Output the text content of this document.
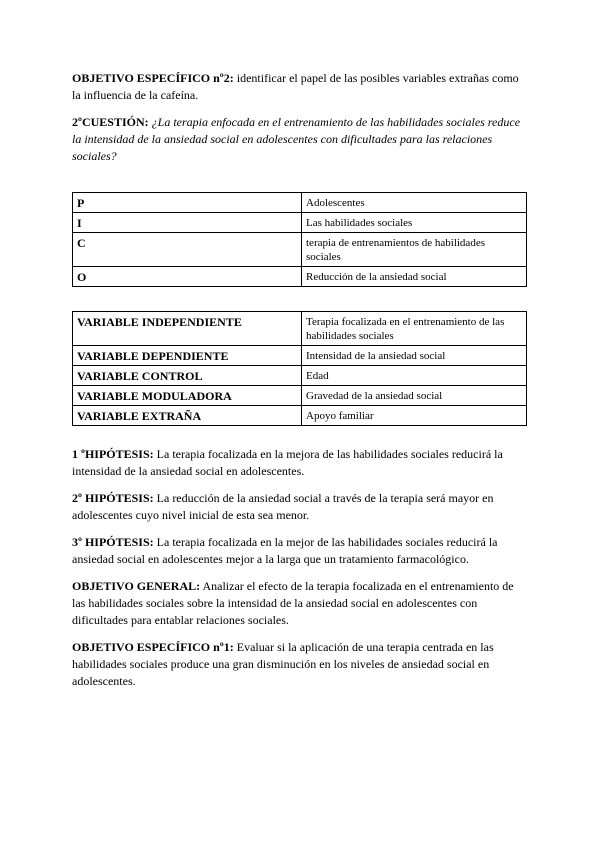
OBJETIVO ESPECÍFICO nº2: identificar el papel de las posibles variables extrañas como la influencia de la cafeína.

2ºCUESTIÓN: ¿La terapia enfocada en el entrenamiento de las habilidades sociales reduce la intensidad de la ansiedad social en adolescentes con dificultades para las relaciones sociales?

P	Adolescentes
I	Las habilidades sociales
C	terapia de entrenamientos de habilidades sociales
O	Reducción de la ansiedad social
VARIABLE INDEPENDIENTE	Terapia focalizada en el entrenamiento de las habilidades sociales
VARIABLE DEPENDIENTE	Intensidad de la ansiedad social
VARIABLE CONTROL	Edad
VARIABLE MODULADORA	Gravedad de la ansiedad social
VARIABLE EXTRAÑA	Apoyo familiar

1 ºHIPÓTESIS: La terapia focalizada en la mejora de las habilidades sociales reducirá la intensidad de la ansiedad social en adolescentes.

2º HIPÓTESIS: La reducción de la ansiedad social a través de la terapia será mayor en adolescentes cuyo nivel inicial de esta sea menor.

3º HIPÓTESIS: La terapia focalizada en la mejor de las habilidades sociales reducirá la ansiedad social en adolescentes mejor a la larga que un tratamiento farmacológico.

OBJETIVO GENERAL: Analizar el efecto de la terapia focalizada en el entrenamiento de las habilidades sociales sobre la intensidad de la ansiedad social en adolescentes con dificultades para entablar relaciones sociales.

OBJETIVO ESPECÍFICO nº1: Evaluar si la aplicación de una terapia centrada en las habilidades sociales produce una gran disminución en los niveles de ansiedad social en adolescentes.
